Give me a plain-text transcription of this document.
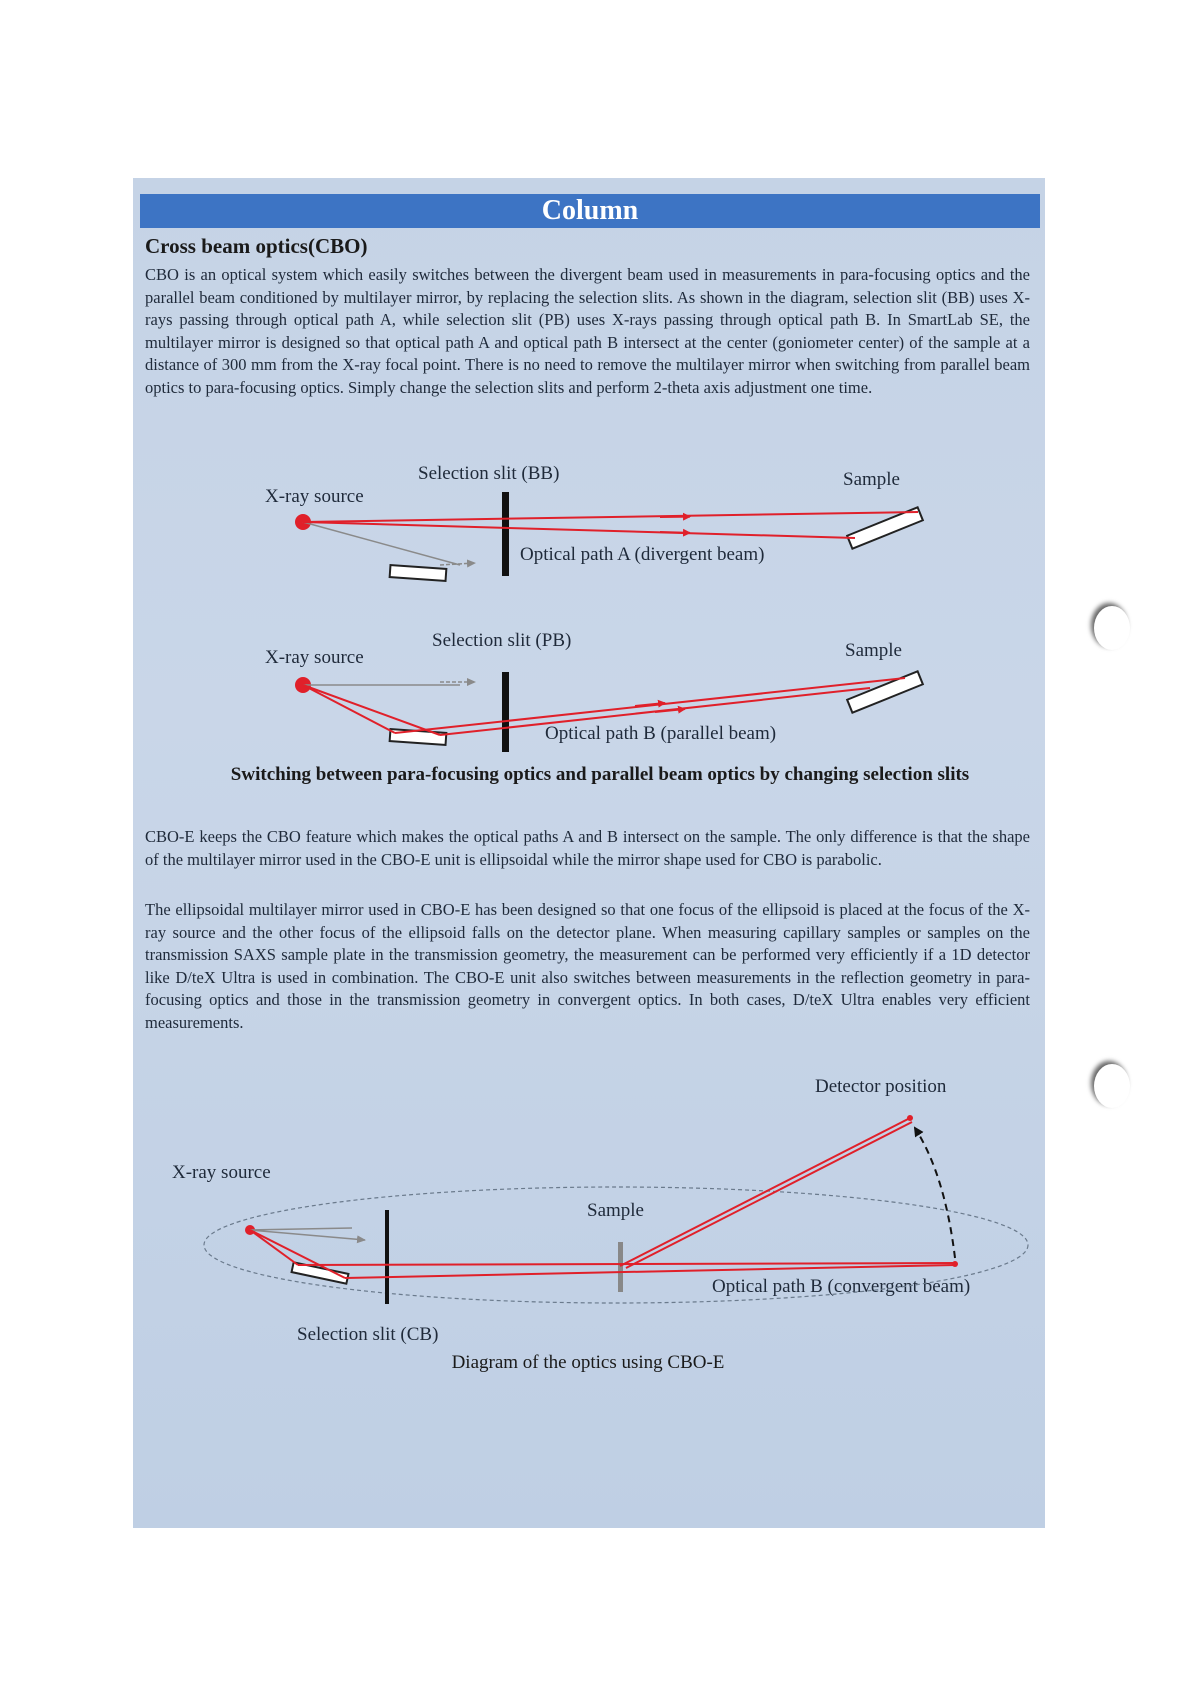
Column
Cross beam optics(CBO)

CBO is an optical system which easily switches between the divergent beam used in measurements in para-focusing optics and the parallel beam conditioned by multilayer mirror, by replacing the selection slits. As shown in the diagram, selection slit (BB) uses X-rays passing through optical path A, while selection slit (PB) uses X-rays passing through optical path B. In SmartLab SE, the multilayer mirror is designed so that optical path A and optical path B intersect at the center (goniometer center) of the sample at a distance of 300 mm from the X-ray focal point. There is no need to remove the multilayer mirror when switching from parallel beam optics to para-focusing optics. Simply change the selection slits and perform 2-theta axis adjustment one time.

X-ray source
Selection slit (BB)	Sample
Optical path A (divergent beam)
X-ray source
Selection slit (PB)	Sample
Optical path B (parallel beam)
Detector position
X-ray source
Sample
Optical path B (convergent beam)
Selection slit (CB)
Switching between para-focusing optics and parallel beam optics by changing selection slits

CBO-E keeps the CBO feature which makes the optical paths A and B intersect on the sample. The only difference is that the shape of the multilayer mirror used in the CBO-E unit is ellipsoidal while the mirror shape used for CBO is parabolic.

The ellipsoidal multilayer mirror used in CBO-E has been designed so that one focus of the ellipsoid is placed at the focus of the X-ray source and the other focus of the ellipsoid falls on the detector plane. When measuring capillary samples or samples on the transmission SAXS sample plate in the transmission geometry, the measurement can be performed very efficiently if a 1D detector like D/teX Ultra is used in combination. The CBO-E unit also switches between measurements in the reflection geometry in para-focusing optics and those in the transmission geometry in convergent optics. In both cases, D/teX Ultra enables very efficient measurements.

Diagram of the optics using CBO-E
